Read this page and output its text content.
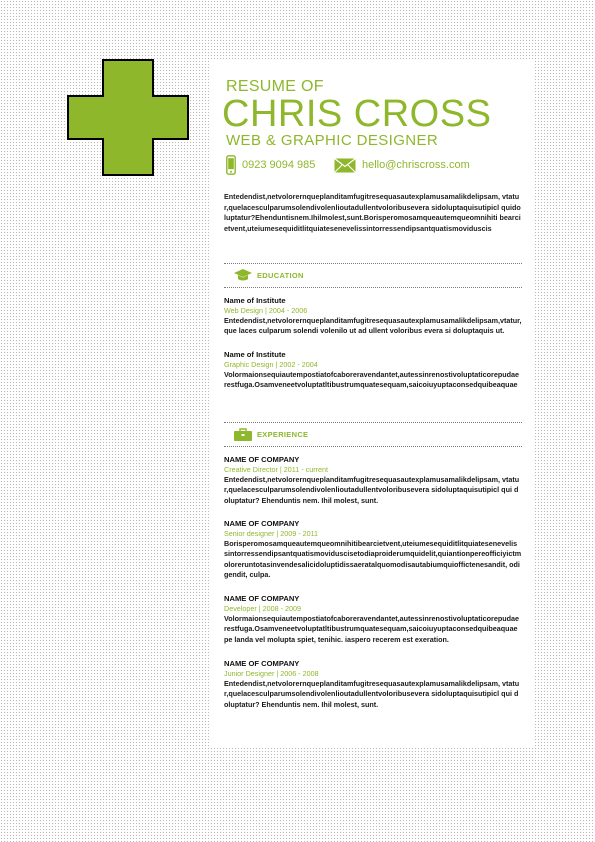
RESUME OF
CHRIS CROSS
WEB & GRAPHIC DESIGNER
0923 9094 985	hello@chriscross.com
Entedendist,netvolorernqueplanditamfugitresequasautexplamusamalikdelipsam, vtatur,quelacesculparumsolendivolenlioutadullentvoloribusevera sidoluptaquisutipicl quidoluptatur?Ehenduntisnem.Ihilmolest,sunt.Borisperomosamqueautemqueomnihiti bearcietvent,uteiumesequiditlitquiatesenevelissintorressendipsantquatismoviduscis
EDUCATION
Name of Institute
Web Design | 2004 - 2006
Entedendist,netvolorernqueplanditamfugitresequasautexplamusamalikdelipsam,vtatur, que laces culparum solendi volenilo ut ad ullent voloribus evera si doluptaquis ut.
Name of Institute
Graphic Design | 2002 - 2004
Volormaionsequiautempostiatofcaboreravendantet,autessinrenostivoluptaticorepudae restfuga.Osamveneetvoluptatltibustrumquatesequam,saicoiuyuptaconsedquibeaquae
EXPERIENCE
NAME OF COMPANY
Creative Director | 2011 - current
Entedendist,netvolorernqueplanditamfugitresequasautexplamusamalikdelipsam, vtatur,quelacesculparumsolendivolenlioutadullentvoloribusevera sidoluptaquisutipicl qui doluptatur? Ehenduntis nem. Ihil molest, sunt.
NAME OF COMPANY
Senior designer | 2009 - 2011
Borisperomosamqueautemqueomnihitibearcietvent,uteiumesequiditlitquiatesenevelis sintorressendipsantquatismoviduscisetodiaproiderumquidelit,quiantionpereofficiyictmoloreruntotasinvendesalicidoluptidissaeratalquomodisautabiumquioffictenesandit, odigendit, culpa.
NAME OF COMPANY
Developer | 2008 - 2009
Volormaionsequiautempostiatofcaboreravendantet,autessinrenostivoluptaticorepudae restfuga.Osamveneetvoluptatltibustrumquatesequam,saicoiuyuptaconsedquibeaquae pe landa vel molupta spiet, tenihic. iaspero recerem est exeration.
NAME OF COMPANY
Junior Designer | 2006 - 2008
Entedendist,netvolorernqueplanditamfugitresequasautexplamusamalikdelipsam, vtatur,quelacesculparumsolendivolenlioutadullentvoloribusevera sidoluptaquisutipicl qui doluptatur? Ehenduntis nem. Ihil molest, sunt.
